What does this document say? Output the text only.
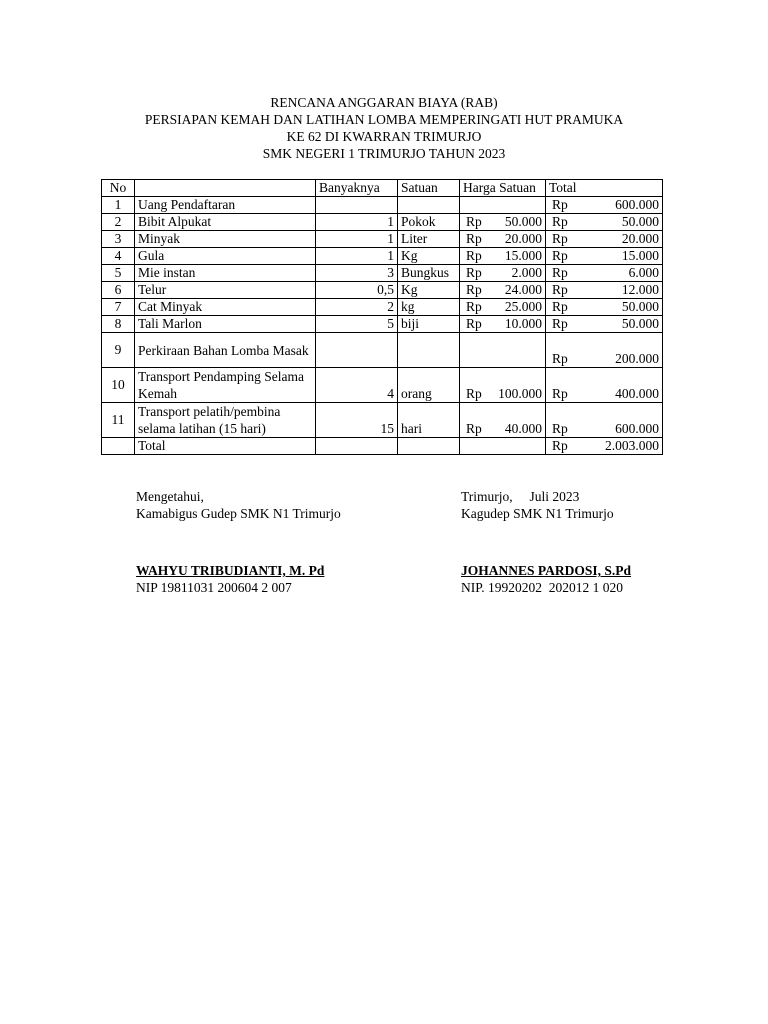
RENCANA ANGGARAN BIAYA (RAB)
PERSIAPAN KEMAH DAN LATIHAN LOMBA MEMPERINGATI HUT PRAMUKA
KE 62 DI KWARRAN TRIMURJO
SMK NEGERI 1 TRIMURJO TAHUN 2023
No		Banyaknya	Satuan	Harga Satuan	Total
1	Uang Pendaftaran				Rp 600.000

2	Bibit Alpukat	1	Pokok	Rp 50.000	Rp 50.000

3	Minyak	1	Liter	Rp 20.000	Rp 20.000

4	Gula	1	Kg	Rp 15.000	Rp 15.000

5	Mie instan	3	Bungkus	Rp 2.000	Rp 6.000

6	Telur	0,5	Kg	Rp 24.000	Rp 12.000

7	Cat Minyak	2	kg	Rp 25.000	Rp 50.000

8	Tali Marlon	5	biji	Rp 10.000	Rp 50.000

9	Perkiraan Bahan Lomba Masak				Rp 200.000

10	Transport Pendamping Selama Kemah	4	orang	Rp 100.000	Rp 400.000

11	Transport pelatih/pembina selama latihan (15 hari)	15	hari	Rp 40.000	Rp 600.000

	Total				Rp 2.003.000
Mengetahui,
Kamabigus Gudep SMK N1 Trimurjo
WAHYU TRIBUDIANTI, M. Pd
NIP 19811031 200604 2 007
Trimurjo,     Juli 2023
Kagudep SMK N1 Trimurjo
JOHANNES PARDOSI, S.Pd
NIP. 19920202  202012 1 020
